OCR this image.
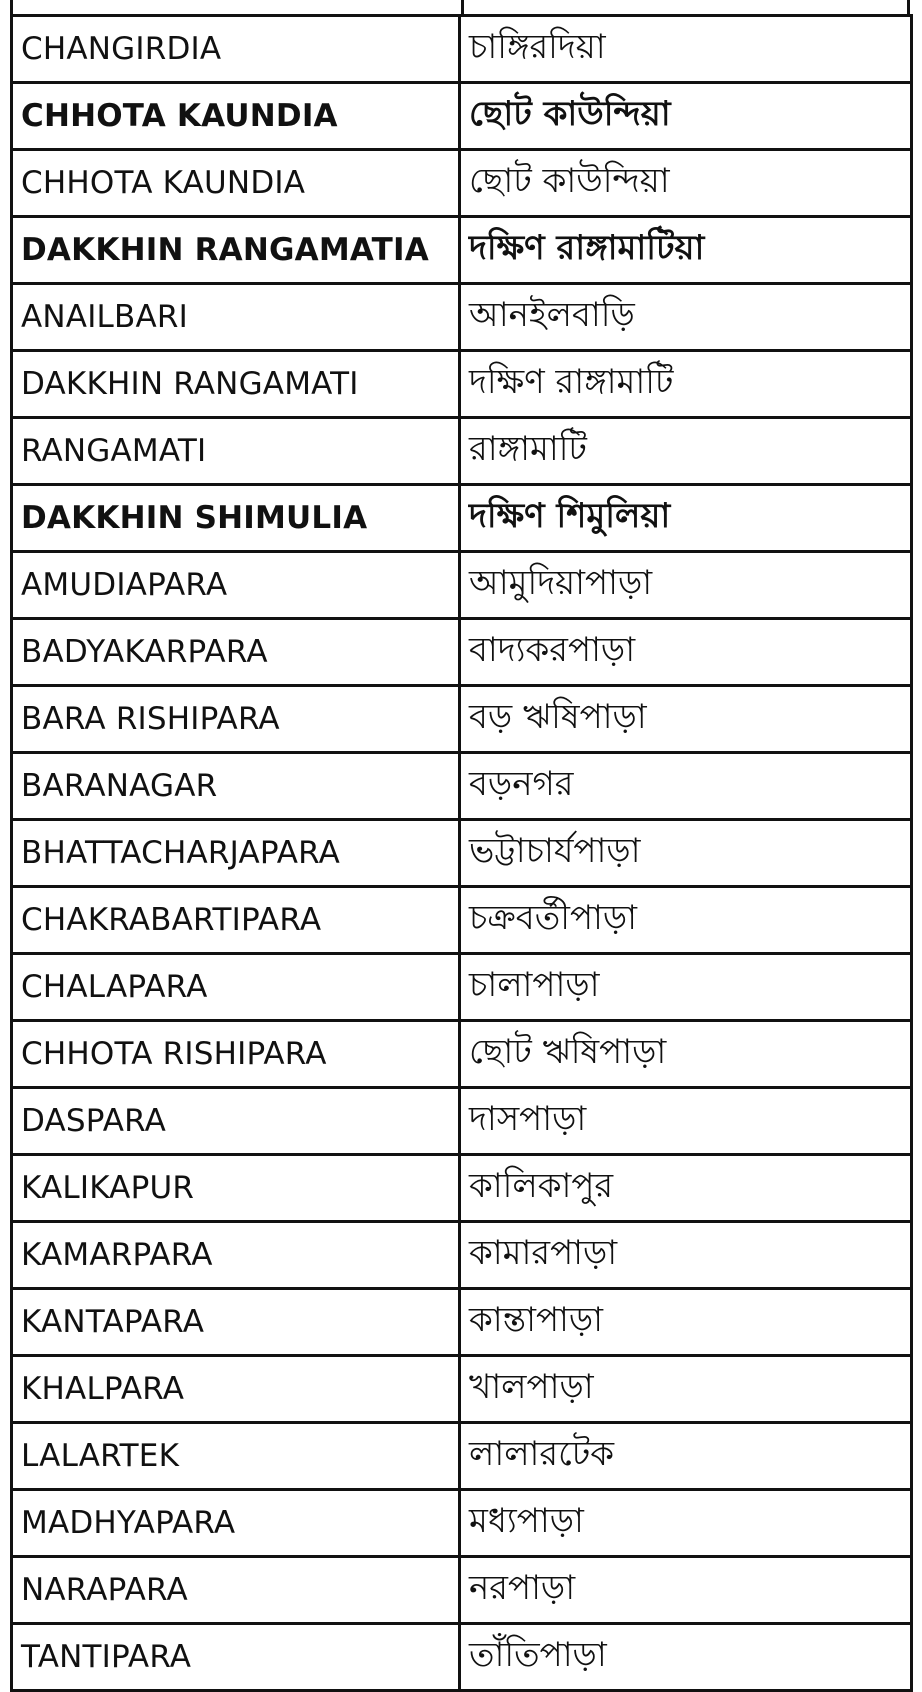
CHANGIRDIA	চাঙ্গিরদিয়া
CHHOTA KAUNDIA	ছোট কাউন্দিয়া
CHHOTA KAUNDIA	ছোট কাউন্দিয়া
DAKKHIN RANGAMATIA	দক্ষিণ রাঙ্গামাটিয়া
ANAILBARI	আনইলবাড়ি
DAKKHIN RANGAMATI	দক্ষিণ রাঙ্গামাটি
RANGAMATI	রাঙ্গামাটি
DAKKHIN SHIMULIA	দক্ষিণ শিমুলিয়া
AMUDIAPARA	আমুদিয়াপাড়া
BADYAKARPARA	বাদ্যকরপাড়া
BARA RISHIPARA	বড় ঋষিপাড়া
BARANAGAR	বড়নগর
BHATTACHARJAPARA	ভট্টাচার্যপাড়া
CHAKRABARTIPARA	চক্রবর্তীপাড়া
CHALAPARA	চালাপাড়া
CHHOTA RISHIPARA	ছোট ঋষিপাড়া
DASPARA	দাসপাড়া
KALIKAPUR	কালিকাপুর
KAMARPARA	কামারপাড়া
KANTAPARA	কান্তাপাড়া
KHALPARA	খালপাড়া
LALARTEK	লালারটেক
MADHYAPARA	মধ্যপাড়া
NARAPARA	নরপাড়া
TANTIPARA	তাঁতিপাড়া
